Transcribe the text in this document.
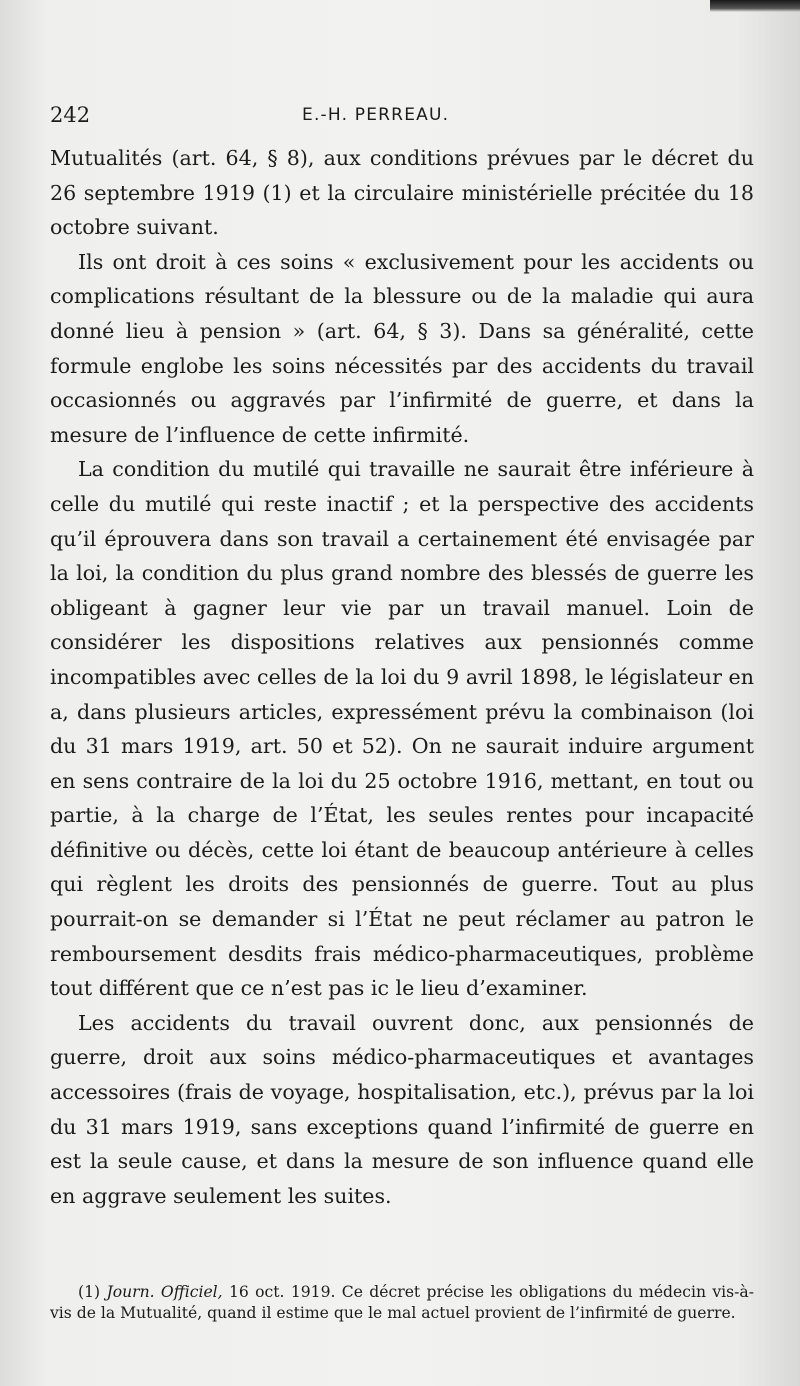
242	E.-H. PERREAU.

Mutualités (art. 64, § 8), aux conditions prévues par le décret du 26 septembre 1919 (1) et la circulaire ministérielle précitée du 18 octobre suivant.

Ils ont droit à ces soins « exclusivement pour les accidents ou complications résultant de la blessure ou de la maladie qui aura donné lieu à pension » (art. 64, § 3). Dans sa généralité, cette formule englobe les soins nécessités par des accidents du travail occasionnés ou aggravés par l’infirmité de guerre, et dans la mesure de l’influence de cette infirmité.

La condition du mutilé qui travaille ne saurait être inférieure à celle du mutilé qui reste inactif ; et la perspective des accidents qu’il éprouvera dans son travail a certainement été envisagée par la loi, la condition du plus grand nombre des blessés de guerre les obligeant à gagner leur vie par un travail manuel. Loin de considérer les dispositions relatives aux pensionnés comme incompatibles avec celles de la loi du 9 avril 1898, le législateur en a, dans plusieurs articles, expressément prévu la combinaison (loi du 31 mars 1919, art. 50 et 52). On ne saurait induire argument en sens contraire de la loi du 25 octobre 1916, mettant, en tout ou partie, à la charge de l’État, les seules rentes pour incapacité définitive ou décès, cette loi étant de beaucoup antérieure à celles qui règlent les droits des pensionnés de guerre. Tout au plus pourrait-on se demander si l’État ne peut réclamer au patron le remboursement desdits frais médico-pharmaceutiques, problème tout différent que ce n’est pas ic le lieu d’examiner.

Les accidents du travail ouvrent donc, aux pensionnés de guerre, droit aux soins médico-pharmaceutiques et avantages accessoires (frais de voyage, hospitalisation, etc.), prévus par la loi du 31 mars 1919, sans exceptions quand l’infirmité de guerre en est la seule cause, et dans la mesure de son influence quand elle en aggrave seulement les suites.

(1) Journ. Officiel, 16 oct. 1919. Ce décret précise les obligations du médecin vis-à-vis de la Mutualité, quand il estime que le mal actuel provient de l’infirmité de guerre.
